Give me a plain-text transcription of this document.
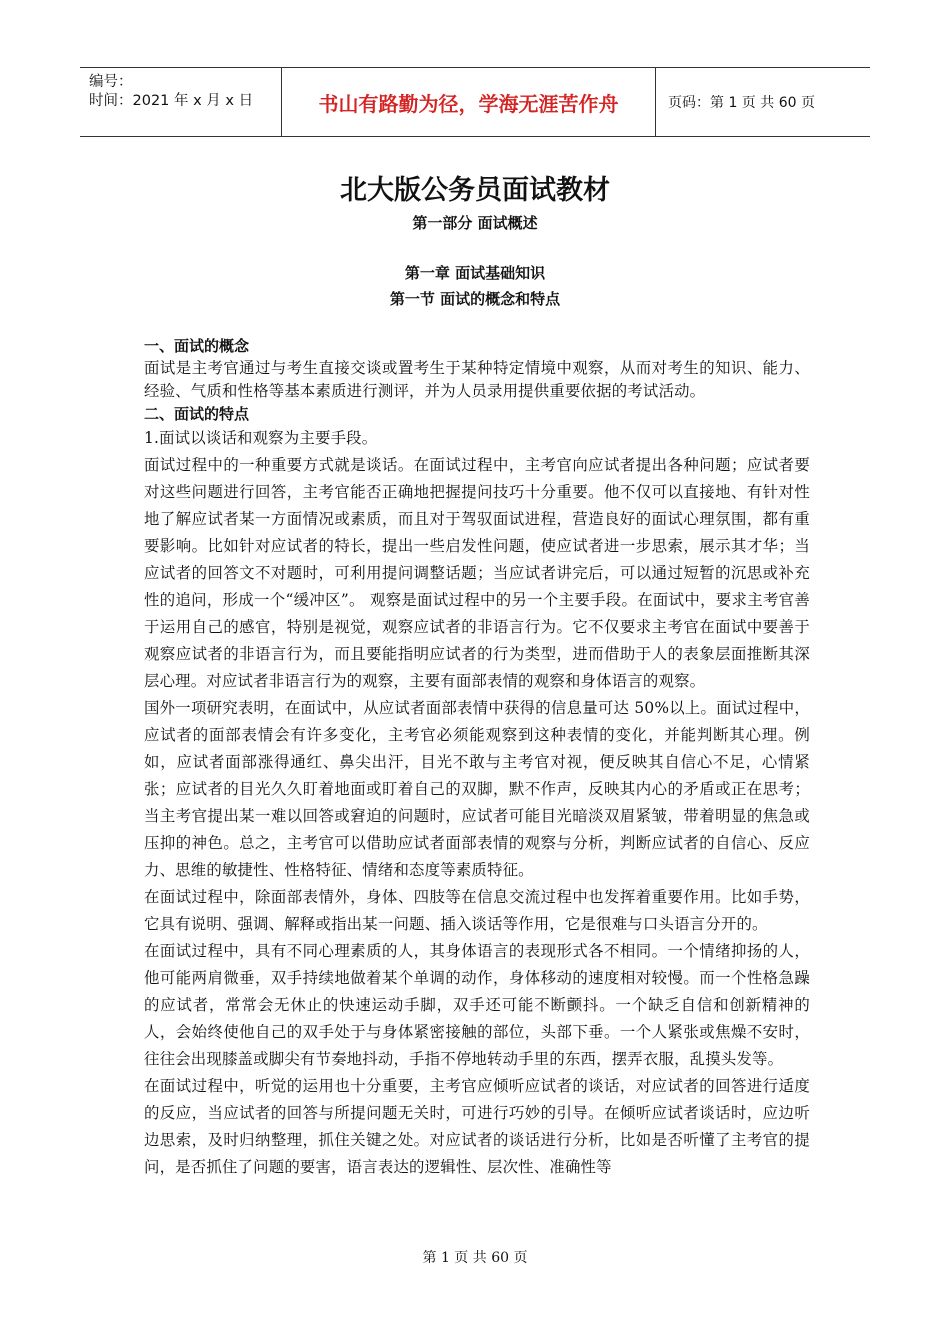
编号：
时间：2021 年 x 月 x 日	书山有路勤为径，学海无涯苦作舟	页码：第 1 页 共 60 页
北大版公务员面试教材
第一部分 面试概述
第一章 面试基础知识
第一节 面试的概念和特点

一、面试的概念

面试是主考官通过与考生直接交谈或置考生于某种特定情境中观察，从而对考生的知识、能力、经验、气质和性格等基本素质进行测评，并为人员录用提供重要依据的考试活动。

二、面试的特点

1.面试以谈话和观察为主要手段。

面试过程中的一种重要方式就是谈话。在面试过程中，主考官向应试者提出各种问题；应试者要对这些问题进行回答，主考官能否正确地把握提问技巧十分重要。他不仅可以直接地、有针对性地了解应试者某一方面情况或素质，而且对于驾驭面试进程，营造良好的面试心理氛围，都有重要影响。比如针对应试者的特长，提出一些启发性问题，使应试者进一步思索，展示其才华；当应试者的回答文不对题时，可利用提问调整话题；当应试者讲完后，可以通过短暂的沉思或补充性的追问，形成一个“缓冲区”。 观察是面试过程中的另一个主要手段。在面试中，要求主考官善于运用自己的感官，特别是视觉，观察应试者的非语言行为。它不仅要求主考官在面试中要善于观察应试者的非语言行为，而且要能指明应试者的行为类型，进而借助于人的表象层面推断其深层心理。对应试者非语言行为的观察，主要有面部表情的观察和身体语言的观察。

国外一项研究表明，在面试中，从应试者面部表情中获得的信息量可达 50%以上。面试过程中，应试者的面部表情会有许多变化，主考官必须能观察到这种表情的变化，并能判断其心理。例如，应试者面部涨得通红、鼻尖出汗，目光不敢与主考官对视，便反映其自信心不足，心情紧张；应试者的目光久久盯着地面或盯着自己的双脚，默不作声，反映其内心的矛盾或正在思考；当主考官提出某一难以回答或窘迫的问题时，应试者可能目光暗淡双眉紧皱，带着明显的焦急或压抑的神色。总之，主考官可以借助应试者面部表情的观察与分析，判断应试者的自信心、反应力、思维的敏捷性、性格特征、情绪和态度等素质特征。

在面试过程中，除面部表情外，身体、四肢等在信息交流过程中也发挥着重要作用。比如手势，它具有说明、强调、解释或指出某一问题、插入谈话等作用，它是很难与口头语言分开的。

在面试过程中，具有不同心理素质的人，其身体语言的表现形式各不相同。一个情绪抑扬的人，他可能两肩微垂，双手持续地做着某个单调的动作，身体移动的速度相对较慢。而一个性格急躁的应试者，常常会无休止的快速运动手脚，双手还可能不断颤抖。一个缺乏自信和创新精神的人，会始终使他自己的双手处于与身体紧密接触的部位，头部下垂。一个人紧张或焦燥不安时，往往会出现膝盖或脚尖有节奏地抖动，手指不停地转动手里的东西，摆弄衣服，乱摸头发等。

在面试过程中，听觉的运用也十分重要，主考官应倾听应试者的谈话，对应试者的回答进行适度的反应，当应试者的回答与所提问题无关时，可进行巧妙的引导。在倾听应试者谈话时，应边听边思索，及时归纳整理，抓住关键之处。对应试者的谈话进行分析，比如是否听懂了主考官的提问，是否抓住了问题的要害，语言表达的逻辑性、层次性、准确性等

第 1 页 共 60 页
